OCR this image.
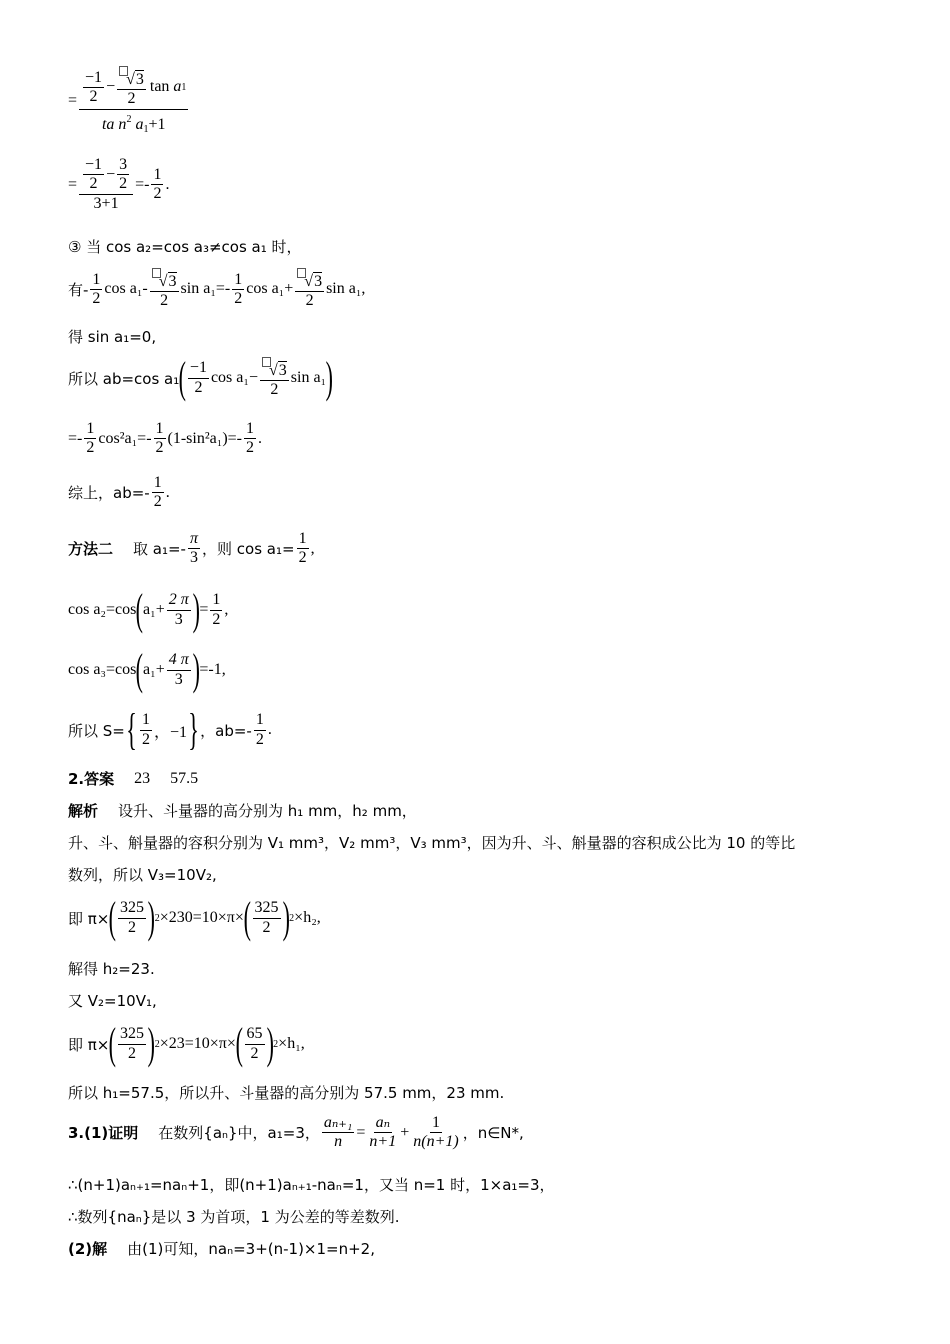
= $\frac{\frac{-1}{2} - \frac{√3}{2} \tan a 1}{ta n^2 a_1+1}$
= $\frac{\frac{-1}{2} - \frac{3}{2}}{3+1} =- \frac{1}{2}$ .
③ 当 cos a₂=cos a₃≠cos a₁ 时，
有- $\frac{1}{2}$ $\cos a_1- \frac{√3}{2}$ $\sin a_1=- \frac{1}{2}$ $\cos a_1+ \frac{√3}{2}$ sin a₁,
得 sin a₁=0,
所以 ab=cos a₁ ( $\frac{-1}{2}$ $\cos a_1- \frac{√3}{2}$ sin a₁ )
=- $\frac{1}{2} \cos^2a_1=- \frac{1}{2} (1-\sin^2a_1)=- \frac{1}{2}$ .
综上，$ab=- \frac{1}{2}$ .
方法二 取 $a_1=- \frac{\pi}{3}$ ，则 $\cos a_1= \frac{1}{2}$ ,
cos a₂=cos ( $a_1+ \frac{2 \pi}{3}$ ) = $\frac{1}{2}$ ,
cos a₃=cos ( $a_1+ \frac{4 \pi}{3}$ ) =-1,
所以 S= { $\frac{1}{2}$ ，−1 } ，$ab=- \frac{1}{2}$ .
2.答案 23 57.5
解析 设升、斗量器的高分别为 h₁ mm，h₂ mm，
升、斗、斛量器的容积分别为 V₁ mm³，V₂ mm³，V₃ mm³，因为升、斗、斛量器的容积成公比为 10 的等比
数列，所以 V₃=10V₂,
即 π× ( $\frac{325}{2}$ ) 2 ×230=10×π× ( $\frac{325}{2}$ ) 2 ×h₂,
解得 h₂=23.
又 V₂=10V₁,
即 π× ( $\frac{325}{2}$ ) 2 ×23=10×π× ( $\frac{65}{2}$ ) 2 ×h₁,
所以 h₁=57.5，所以升、斗量器的高分别为 57.5 mm，23 mm.
3.(1)证明 在数列{aₙ}中，a₁=3， $\frac{\text{aₙ₊₁}}{n} = \frac{\text{aₙ}}{n+1} + \frac{1}{n(n+1)}$ ，n∈N*,
∴(n+1)aₙ₊₁=naₙ+1，即(n+1)aₙ₊₁-naₙ=1，又当 n=1 时，1×a₁=3，
∴数列{naₙ}是以 3 为首项，1 为公差的等差数列.
(2)解 由(1)可知，naₙ=3+(n-1)×1=n+2,
